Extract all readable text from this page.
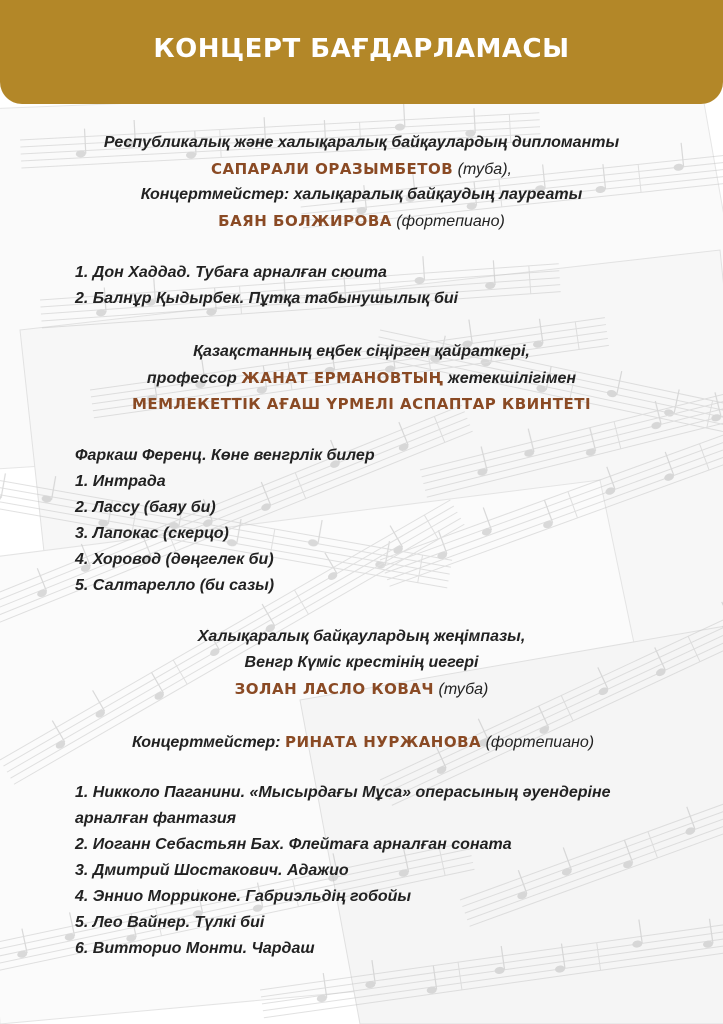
КОНЦЕРТ БАҒДАРЛАМАСЫ
Республикалық және халықаралық байқаулардың дипломанты
САПАРАЛИ ОРАЗЫМБЕТОВ (туба),
Концертмейстер: халықаралық байқаудың лауреаты
БАЯН БОЛЖИРОВА (фортепиано)
1. Дон Хаддад. Тубаға арналған сюита
2. Балнұр Қыдырбек. Пұтқа табынушылық биі
Қазақстанның еңбек сіңірген қайраткері,
профессор ЖАНАТ ЕРМАНОВТЫҢ жетекшілігімен
МЕМЛЕКЕТТІК АҒАШ ҮРМЕЛІ АСПАПТАР КВИНТЕТІ
Фаркаш Ференц. Көне венгрлік билер
1. Интрада
2. Лассу (баяу би)
3. Лапокас (скерцо)
4. Хоровод (дөңгелек би)
5. Салтарелло (би сазы)
Халықаралық байқаулардың жеңімпазы,
Венгр Күміс крестінің иегері
ЗОЛАН ЛАСЛО КОВАЧ (туба)
Концертмейстер: РИНАТА НУРЖАНОВА (фортепиано)
1. Никколо Паганини. «Мысырдағы Мұса» операсының әуендеріне
арналған фантазия
2. Иоганн Себастьян Бах. Флейтаға арналған соната
3. Дмитрий Шостакович. Адажио
4. Эннио Морриконе. Габриэльдің гобойы
5. Лео Вайнер. Түлкі биі
6. Витторио Монти. Чардаш
